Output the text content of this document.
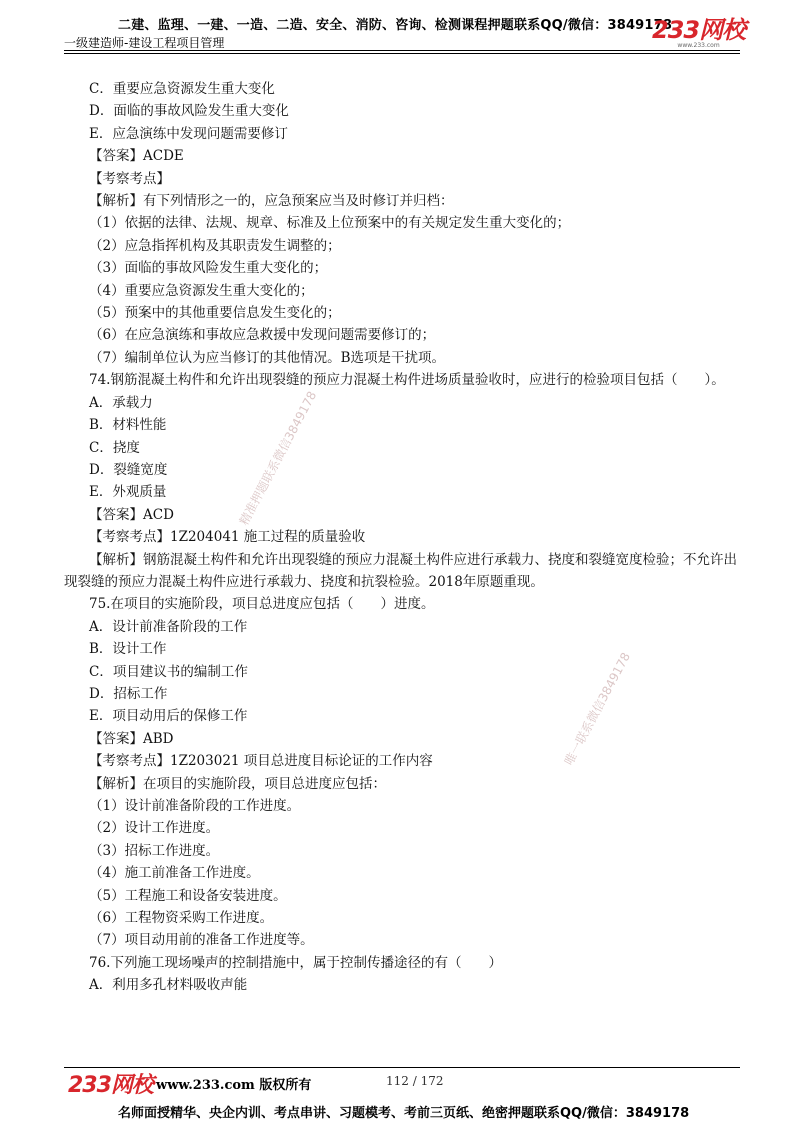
二建、监理、一建、一造、二造、安全、消防、咨询、检测课程押题联系QQ/微信：3849178
一级建造师-建设工程项目管理	233网校
www.233.com
C．重要应急资源发生重大变化
D．面临的事故风险发生重大变化
E．应急演练中发现问题需要修订
【答案】ACDE
【考察考点】
【解析】有下列情形之一的，应急预案应当及时修订并归档：
（1）依据的法律、法规、规章、标准及上位预案中的有关规定发生重大变化的；
（2）应急指挥机构及其职责发生调整的；
（3）面临的事故风险发生重大变化的；
（4）重要应急资源发生重大变化的；
（5）预案中的其他重要信息发生变化的；
（6）在应急演练和事故应急救援中发现问题需要修订的；
（7）编制单位认为应当修订的其他情况。B选项是干扰项。
74.钢筋混凝土构件和允许出现裂缝的预应力混凝土构件进场质量验收时，应进行的检验项目包括（　　）。
A．承载力
B．材料性能
C．挠度
D．裂缝宽度
E．外观质量
【答案】ACD
【考察考点】1Z204041 施工过程的质量验收
【解析】钢筋混凝土构件和允许出现裂缝的预应力混凝土构件应进行承载力、挠度和裂缝宽度检验；不允许出现裂缝的预应力混凝土构件应进行承载力、挠度和抗裂检验。2018年原题重现。
75.在项目的实施阶段，项目总进度应包括（　　）进度。
A．设计前准备阶段的工作
B．设计工作
C．项目建议书的编制工作
D．招标工作
E．项目动用后的保修工作
【答案】ABD
【考察考点】1Z203021 项目总进度目标论证的工作内容
【解析】在项目的实施阶段，项目总进度应包括：
（1）设计前准备阶段的工作进度。
（2）设计工作进度。
（3）招标工作进度。
（4）施工前准备工作进度。
（5）工程施工和设备安装进度。
（6）工程物资采购工作进度。
（7）项目动用前的准备工作进度等。
76.下列施工现场噪声的控制措施中，属于控制传播途径的有（　　）
A．利用多孔材料吸收声能
精准押题联系微信3849178
唯一联系微信3849178
233网校 www.233.com 版权所有	112 / 172
名师面授精华、央企内训、考点串讲、习题模考、考前三页纸、绝密押题联系QQ/微信：3849178
